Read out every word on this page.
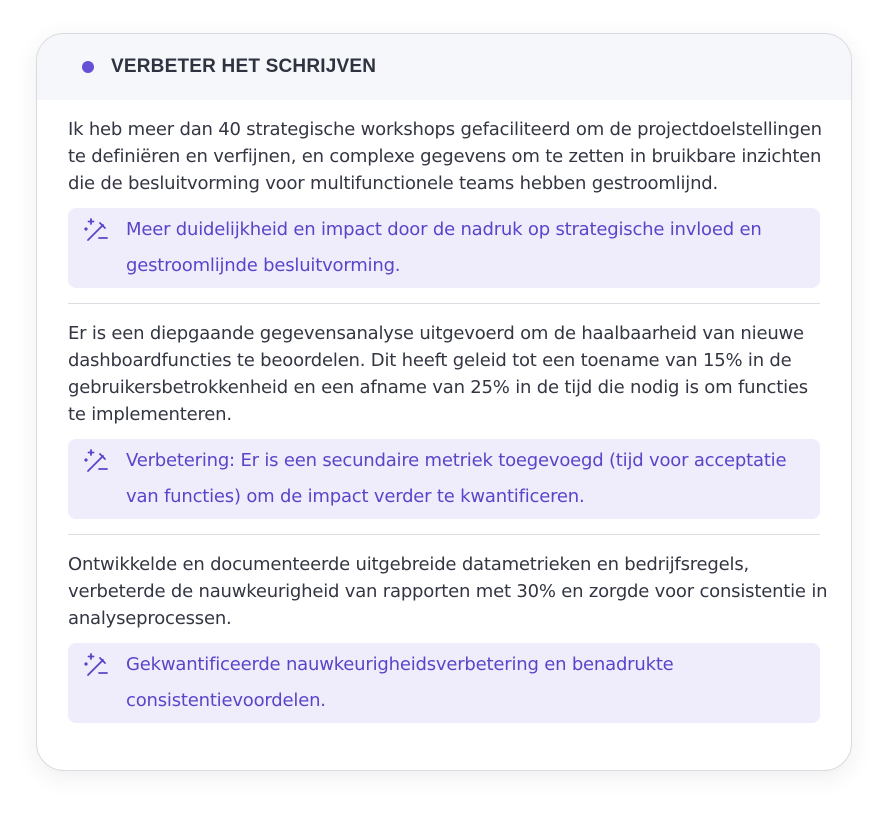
VERBETER HET SCHRIJVEN

Ik heb meer dan 40 strategische workshops gefaciliteerd om de projectdoelstellingen te definiëren en verfijnen, en complexe gegevens om te zetten in bruikbare inzichten die de besluitvorming voor multifunctionele teams hebben gestroomlijnd.

Meer duidelijkheid en impact door de nadruk op strategische invloed en gestroomlijnde besluitvorming.

Er is een diepgaande gegevensanalyse uitgevoerd om de haalbaarheid van nieuwe dashboardfuncties te beoordelen. Dit heeft geleid tot een toename van 15% in de gebruikersbetrokkenheid en een afname van 25% in de tijd die nodig is om functies te implementeren.

Verbetering: Er is een secundaire metriek toegevoegd (tijd voor acceptatie van functies) om de impact verder te kwantificeren.

Ontwikkelde en documenteerde uitgebreide datametrieken en bedrijfsregels, verbeterde de nauwkeurigheid van rapporten met 30% en zorgde voor consistentie in analyseprocessen.

Gekwantificeerde nauwkeurigheidsverbetering en benadrukte consistentievoordelen.
